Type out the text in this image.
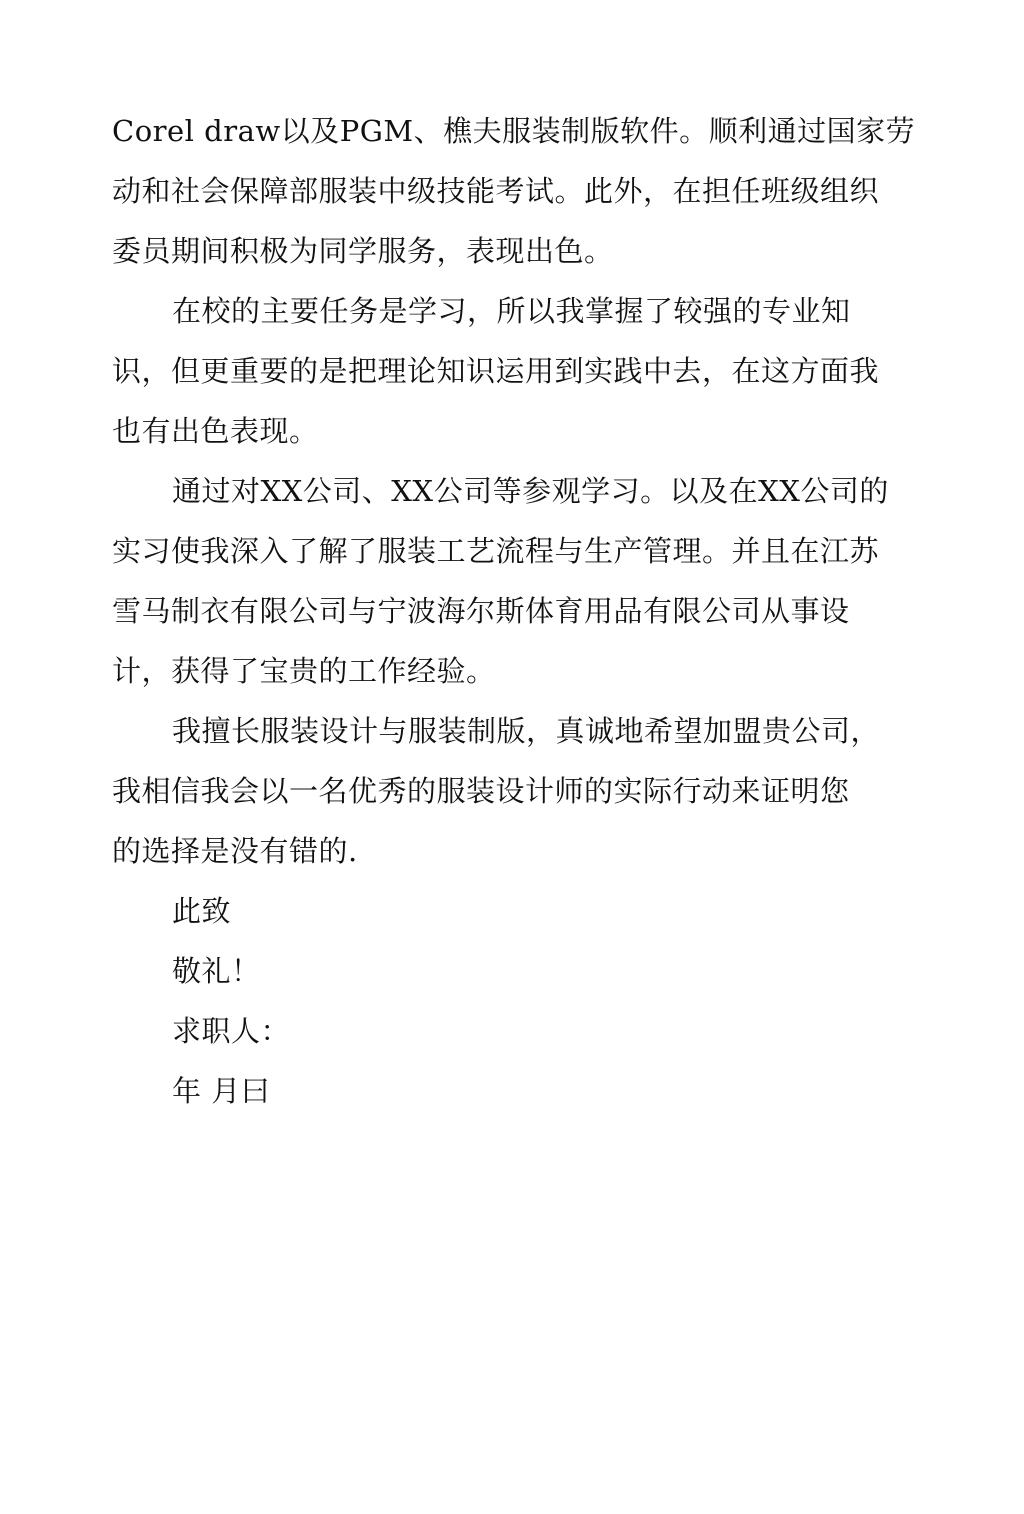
Corel draw以及PGM、樵夫服装制版软件。顺利通过国家劳
动和社会保障部服装中级技能考试。此外，在担任班级组织
委员期间积极为同学服务，表现出色。
在校的主要任务是学习，所以我掌握了较强的专业知
识，但更重要的是把理论知识运用到实践中去，在这方面我
也有出色表现。
通过对XX公司、XX公司等参观学习。以及在XX公司的
实习使我深入了解了服装工艺流程与生产管理。并且在江苏
雪马制衣有限公司与宁波海尔斯体育用品有限公司从事设
计，获得了宝贵的工作经验。
我擅长服装设计与服装制版，真诚地希望加盟贵公司，
我相信我会以一名优秀的服装设计师的实际行动来证明您
的选择是没有错的.
此致
敬礼！
求职人：
年 月曰
